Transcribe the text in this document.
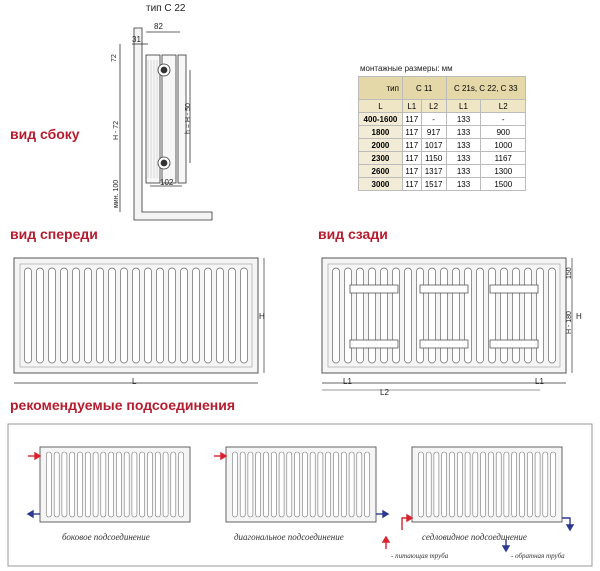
тип С 22
вид сбоку
82
31
72
Н - 72	h = Н - 50
102
мин. 100
монтажные размеры: мм
тип	С 11		С 21s, С 22, С 33	
L	L1	L2	L1	L2
400-1600	117	-	133	-
1800	117	917	133	900
2000	117	1017	133	1000
2300	117	1150	133	1167
2600	117	1317	133	1300
3000	117	1517	133	1500
вид спереди
L
Н
вид сзади
L1	L1
L2
150
Н - 180 Н
рекомендуемые подсоединения
боковое подсоединение	диагональное подсоединение	седловидное подсоединение
- питающая труба	- обратная труба
